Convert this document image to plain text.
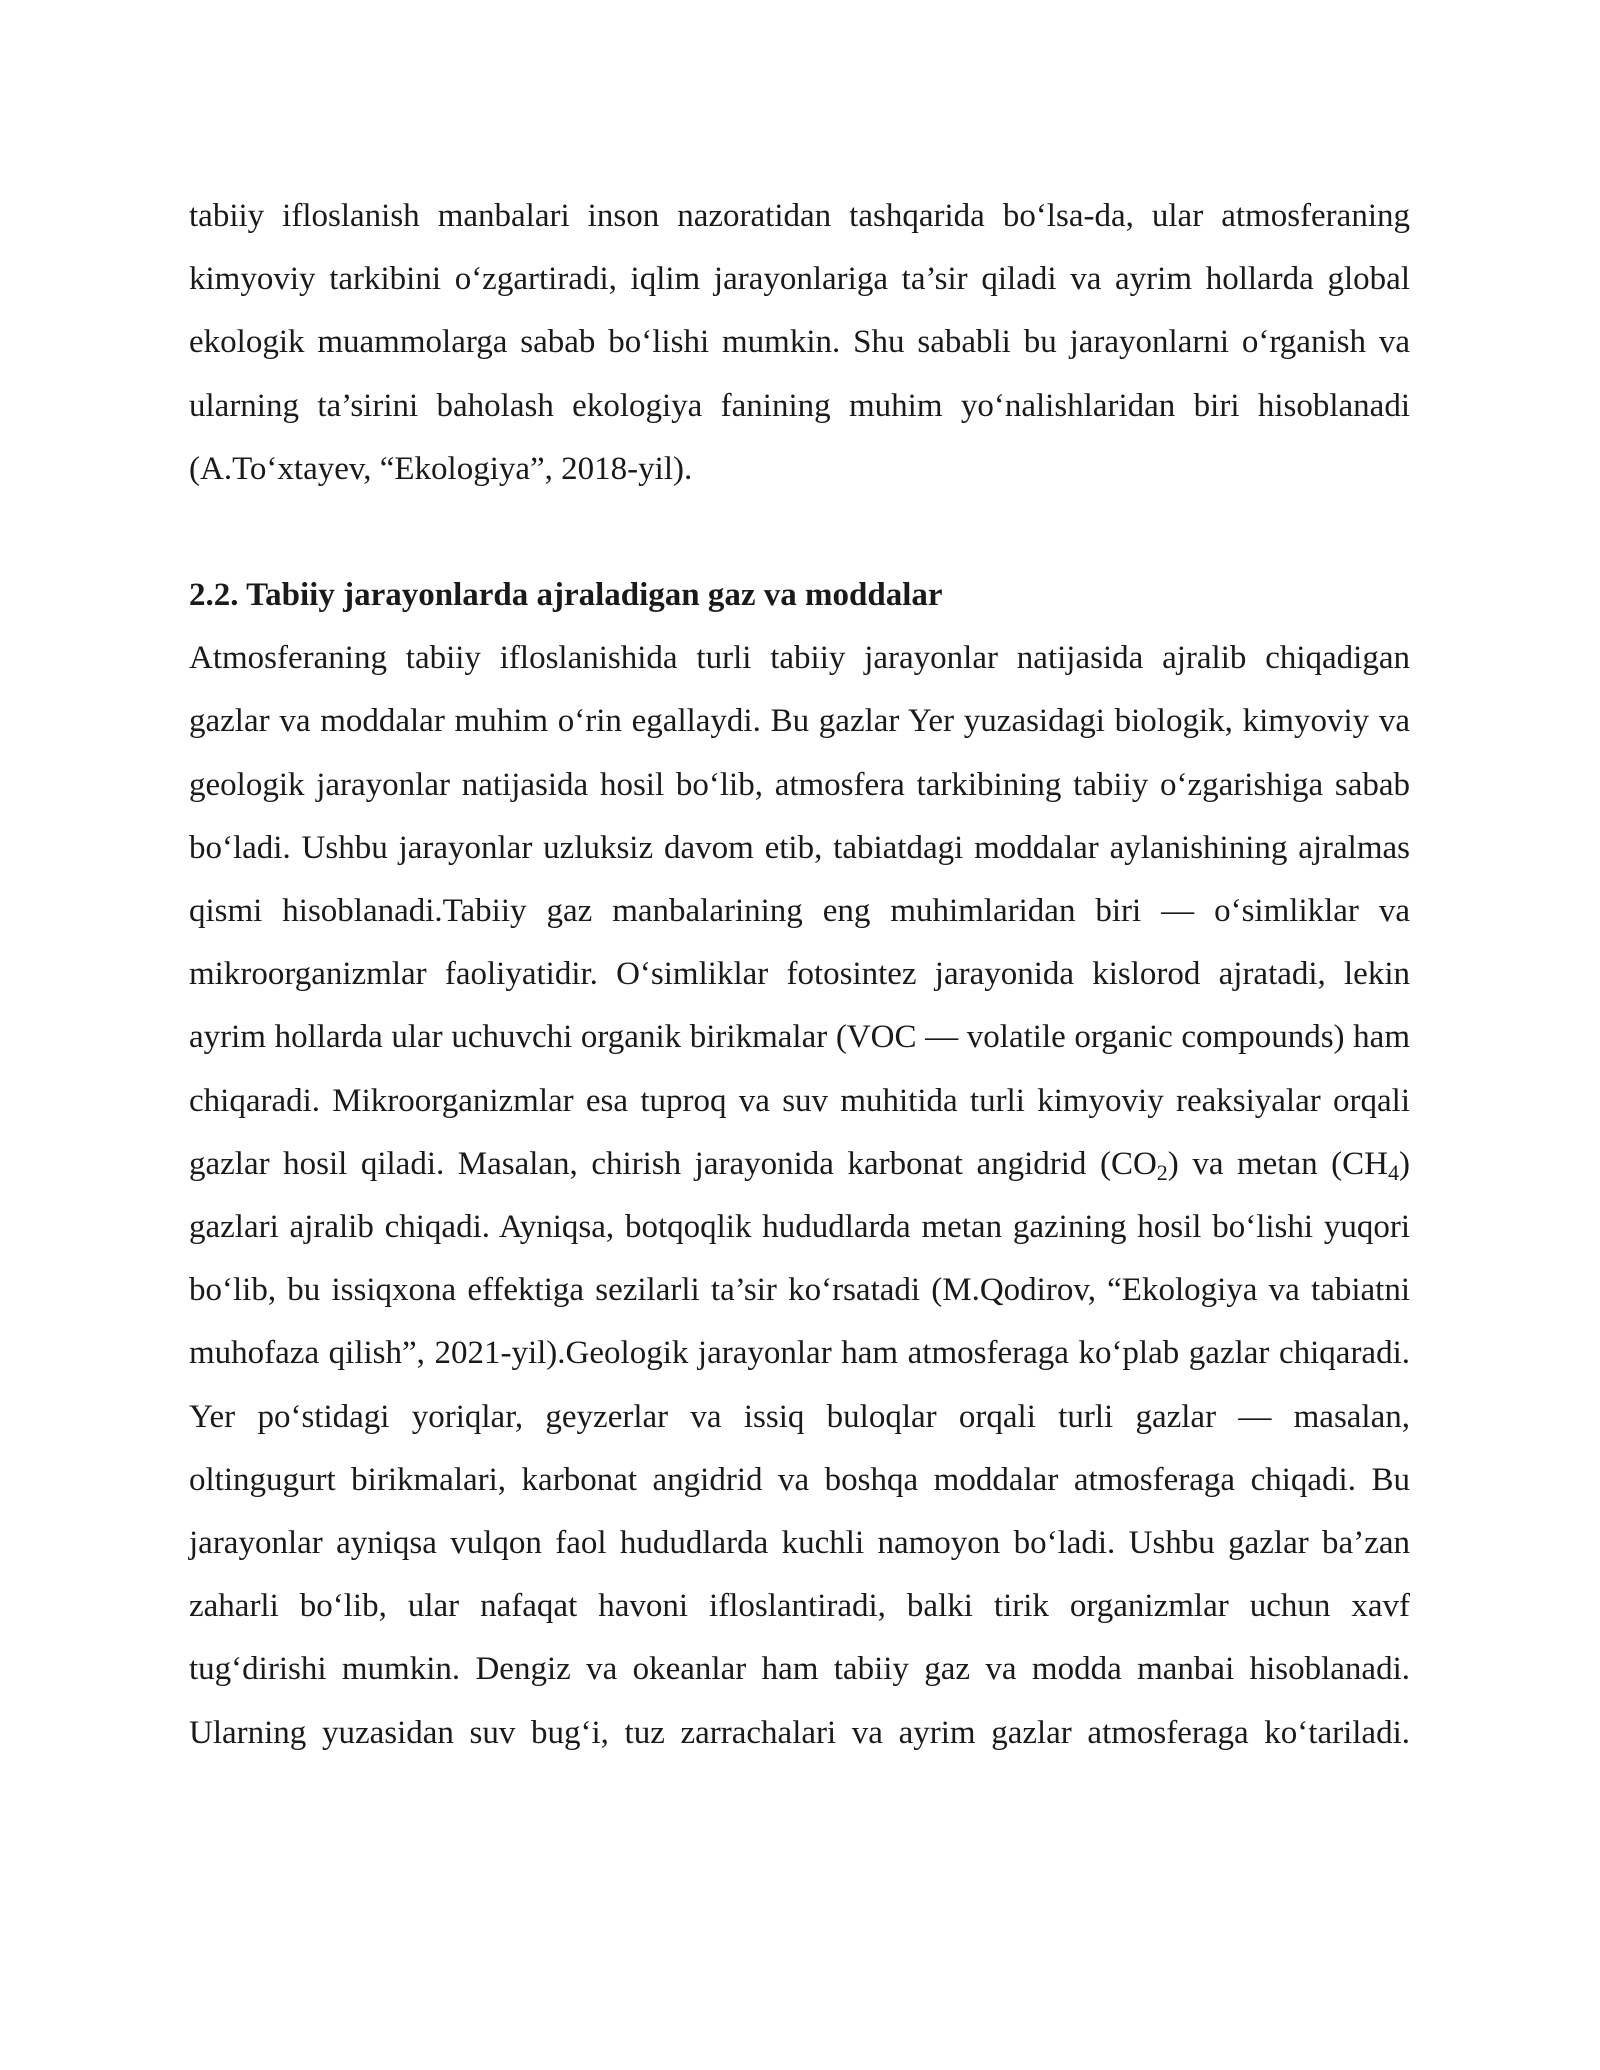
tabiiy ifloslanish manbalari inson nazoratidan tashqarida bo‘lsa-da, ular atmosferaning kimyoviy tarkibini o‘zgartiradi, iqlim jarayonlariga ta’sir qiladi va ayrim hollarda global ekologik muammolarga sabab bo‘lishi mumkin. Shu sababli bu jarayonlarni o‘rganish va ularning ta’sirini baholash ekologiya fanining muhim yo‘nalishlaridan biri hisoblanadi (A.To‘xtayev, “Ekologiya”, 2018-yil).

2.2. Tabiiy jarayonlarda ajraladigan gaz va moddalar

Atmosferaning tabiiy ifloslanishida turli tabiiy jarayonlar natijasida ajralib chiqadigan gazlar va moddalar muhim o‘rin egallaydi. Bu gazlar Yer yuzasidagi biologik, kimyoviy va geologik jarayonlar natijasida hosil bo‘lib, atmosfera tarkibining tabiiy o‘zgarishiga sabab bo‘ladi. Ushbu jarayonlar uzluksiz davom etib, tabiatdagi moddalar aylanishining ajralmas qismi hisoblanadi.Tabiiy gaz manbalarining eng muhimlaridan biri — o‘simliklar va mikroorganizmlar faoliyatidir. O‘simliklar fotosintez jarayonida kislorod ajratadi, lekin ayrim hollarda ular uchuvchi organik birikmalar (VOC — volatile organic compounds) ham chiqaradi. Mikroorganizmlar esa tuproq va suv muhitida turli kimyoviy reaksiyalar orqali gazlar hosil qiladi. Masalan, chirish jarayonida karbonat angidrid $(CO_2)$ va metan $(CH_4)$ gazlari ajralib chiqadi. Ayniqsa, botqoqlik hududlarda metan gazining hosil bo‘lishi yuqori bo‘lib, bu issiqxona effektiga sezilarli ta’sir ko‘rsatadi (M.Qodirov, “Ekologiya va tabiatni muhofaza qilish”, 2021-yil).Geologik jarayonlar ham atmosferaga ko‘plab gazlar chiqaradi. Yer po‘stidagi yoriqlar, geyzerlar va issiq buloqlar orqali turli gazlar — masalan, oltingugurt birikmalari, karbonat angidrid va boshqa moddalar atmosferaga chiqadi. Bu jarayonlar ayniqsa vulqon faol hududlarda kuchli namoyon bo‘ladi. Ushbu gazlar ba’zan zaharli bo‘lib, ular nafaqat havoni ifloslantiradi, balki tirik organizmlar uchun xavf tug‘dirishi mumkin. Dengiz va okeanlar ham tabiiy gaz va modda manbai hisoblanadi. Ularning yuzasidan suv bug‘i, tuz zarrachalari va ayrim gazlar atmosferaga ko‘tariladi.
